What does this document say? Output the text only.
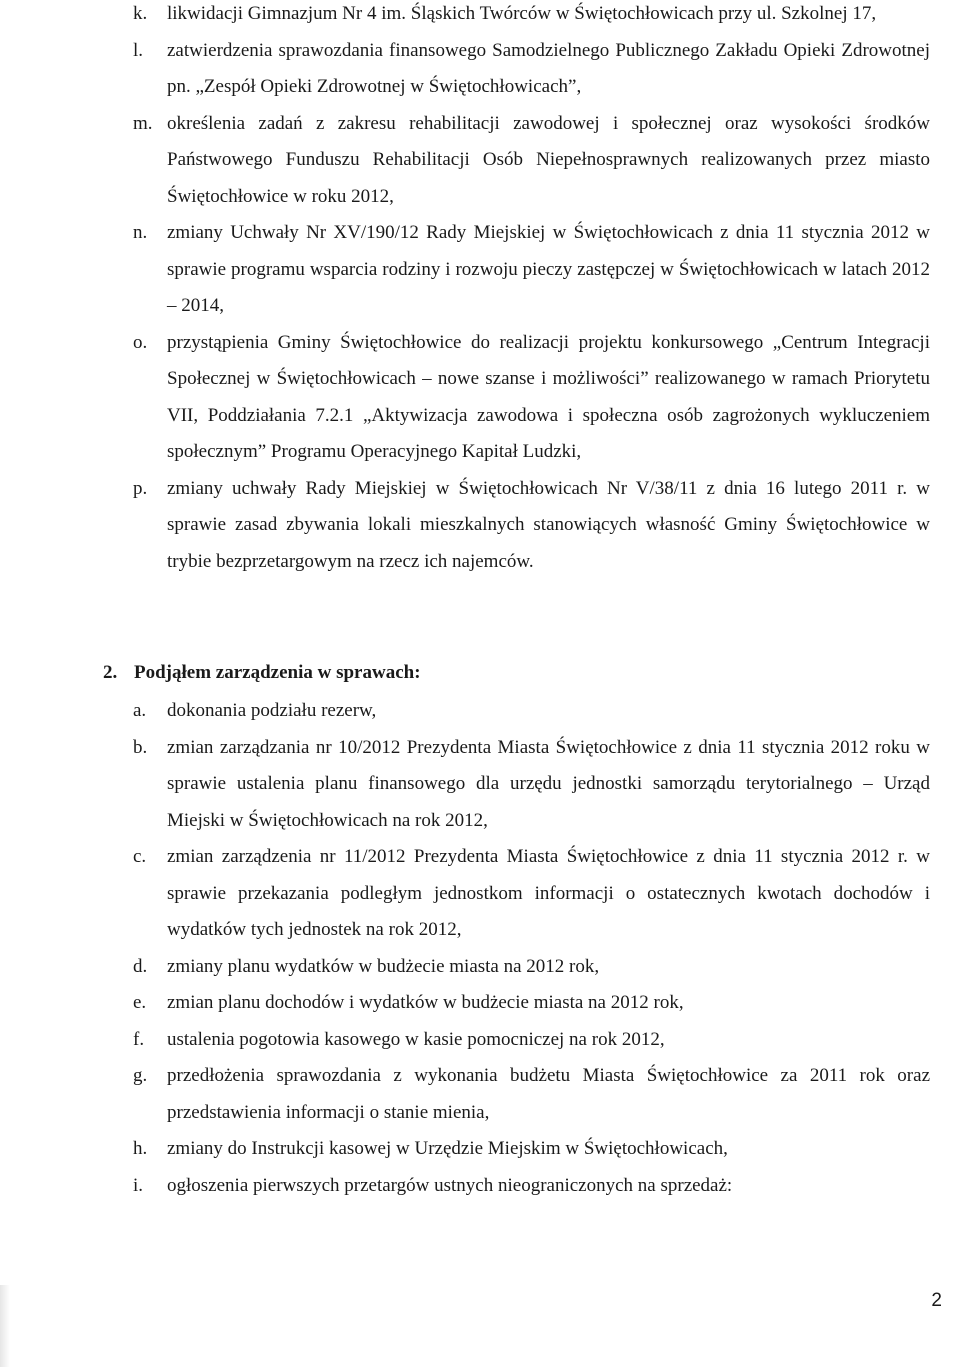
k. likwidacji Gimnazjum Nr 4 im. Śląskich Twórców w Świętochłowicach przy ul. Szkolnej 17,
l. zatwierdzenia sprawozdania finansowego Samodzielnego Publicznego Zakładu Opieki Zdrowotnej pn. „Zespół Opieki Zdrowotnej w Świętochłowicach”,
m. określenia zadań z zakresu rehabilitacji zawodowej i społecznej oraz wysokości środków Państwowego Funduszu Rehabilitacji Osób Niepełnosprawnych realizowanych przez miasto Świętochłowice w roku 2012,
n. zmiany Uchwały Nr XV/190/12 Rady Miejskiej w Świętochłowicach z dnia 11 stycznia 2012 w sprawie programu wsparcia rodziny i rozwoju pieczy zastępczej w Świętochłowicach w latach 2012 – 2014,
o. przystąpienia Gminy Świętochłowice do realizacji projektu konkursowego „Centrum Integracji Społecznej w Świętochłowicach – nowe szanse i możliwości” realizowanego w ramach Priorytetu VII, Poddziałania 7.2.1 „Aktywizacja zawodowa i społeczna osób zagrożonych wykluczeniem społecznym” Programu Operacyjnego Kapitał Ludzki,
p. zmiany uchwały Rady Miejskiej w Świętochłowicach Nr V/38/11 z dnia 16 lutego 2011 r. w sprawie zasad zbywania lokali mieszkalnych stanowiących własność Gminy Świętochłowice w trybie bezprzetargowym na rzecz ich najemców.
2. Podjąłem zarządzenia w sprawach:
a. dokonania podziału rezerw,
b. zmian zarządzania nr 10/2012 Prezydenta Miasta Świętochłowice z dnia 11 stycznia 2012 roku w sprawie ustalenia planu finansowego dla urzędu jednostki samorządu terytorialnego – Urząd Miejski w Świętochłowicach na rok 2012,
c. zmian zarządzenia nr 11/2012 Prezydenta Miasta Świętochłowice z dnia 11 stycznia 2012 r. w sprawie przekazania podległym jednostkom informacji o ostatecznych kwotach dochodów i wydatków tych jednostek na rok 2012,
d. zmiany planu wydatków w budżecie miasta na 2012 rok,
e. zmian planu dochodów i wydatków w budżecie miasta na 2012 rok,
f. ustalenia pogotowia kasowego w kasie pomocniczej na rok 2012,
g. przedłożenia sprawozdania z wykonania budżetu Miasta Świętochłowice za 2011 rok oraz przedstawienia informacji o stanie mienia,
h. zmiany do Instrukcji kasowej w Urzędzie Miejskim w Świętochłowicach,
i. ogłoszenia pierwszych przetargów ustnych nieograniczonych na sprzedaż:
2
